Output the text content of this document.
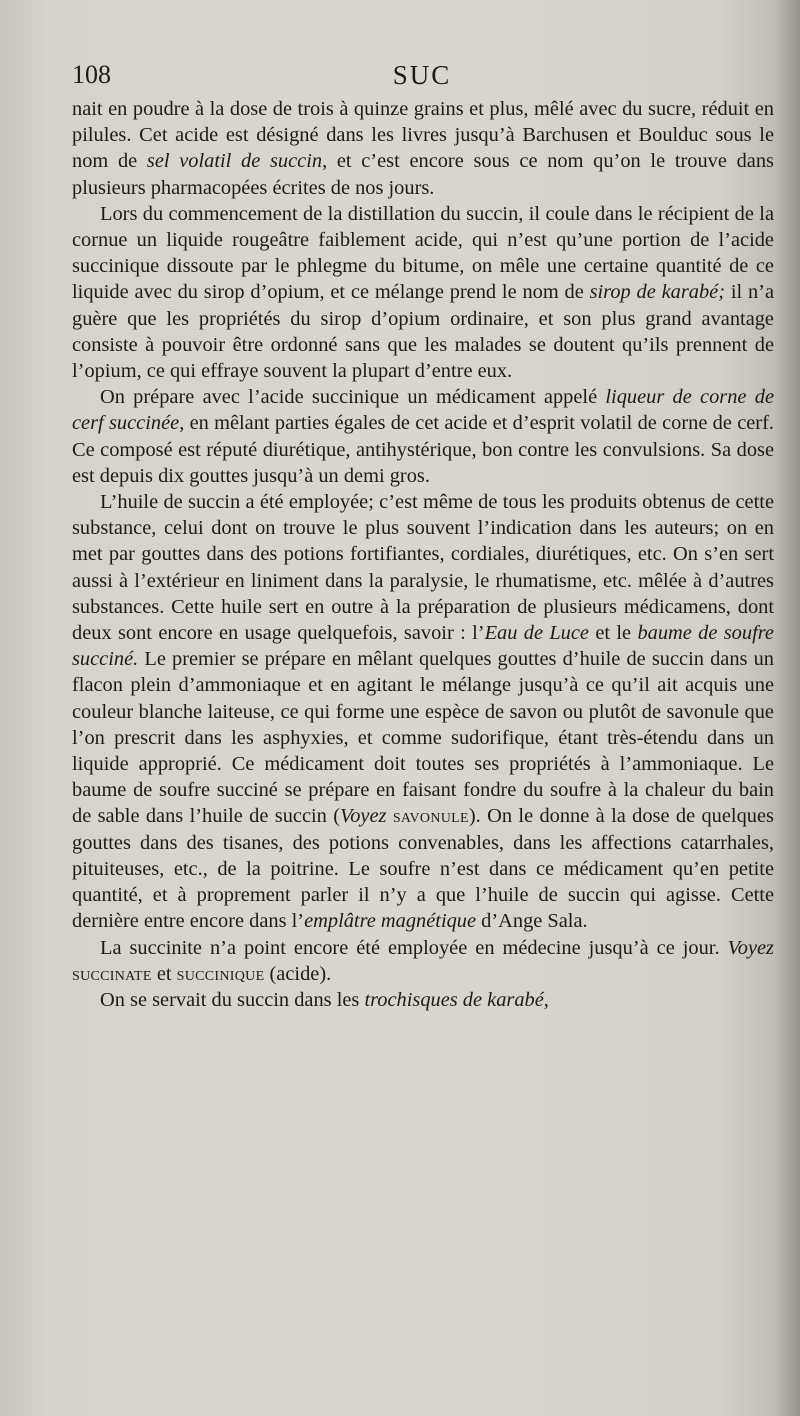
108	SUC

nait en poudre à la dose de trois à quinze grains et plus, mêlé avec du sucre, réduit en pilules. Cet acide est désigné dans les livres jusqu’à Barchusen et Boulduc sous le nom de sel volatil de succin, et c’est encore sous ce nom qu’on le trouve dans plusieurs pharmacopées écrites de nos jours.

Lors du commencement de la distillation du succin, il coule dans le récipient de la cornue un liquide rougeâtre faiblement acide, qui n’est qu’une portion de l’acide succinique dissoute par le phlegme du bitume, on mêle une certaine quantité de ce liquide avec du sirop d’opium, et ce mélange prend le nom de sirop de karabé; il n’a guère que les propriétés du sirop d’opium ordinaire, et son plus grand avantage consiste à pouvoir être ordonné sans que les malades se doutent qu’ils prennent de l’opium, ce qui effraye souvent la plupart d’entre eux.

On prépare avec l’acide succinique un médicament appelé liqueur de corne de cerf succinée, en mêlant parties égales de cet acide et d’esprit volatil de corne de cerf. Ce composé est réputé diurétique, antihystérique, bon contre les convulsions. Sa dose est depuis dix gouttes jusqu’à un demi gros.

L’huile de succin a été employée; c’est même de tous les produits obtenus de cette substance, celui dont on trouve le plus souvent l’indication dans les auteurs; on en met par gouttes dans des potions fortifiantes, cordiales, diurétiques, etc. On s’en sert aussi à l’extérieur en liniment dans la paralysie, le rhumatisme, etc. mêlée à d’autres substances. Cette huile sert en outre à la préparation de plusieurs médicamens, dont deux sont encore en usage quelquefois, savoir : l’Eau de Luce et le baume de soufre succiné. Le premier se prépare en mêlant quelques gouttes d’huile de succin dans un flacon plein d’ammoniaque et en agitant le mélange jusqu’à ce qu’il ait acquis une couleur blanche laiteuse, ce qui forme une espèce de savon ou plutôt de savonule que l’on prescrit dans les asphyxies, et comme sudorifique, étant très-étendu dans un liquide approprié. Ce médicament doit toutes ses propriétés à l’ammoniaque. Le baume de soufre succiné se prépare en faisant fondre du soufre à la chaleur du bain de sable dans l’huile de succin (Voyez savonule). On le donne à la dose de quelques gouttes dans des tisanes, des potions convenables, dans les affections catarrhales, pituiteuses, etc., de la poitrine. Le soufre n’est dans ce médicament qu’en petite quantité, et à proprement parler il n’y a que l’huile de succin qui agisse. Cette dernière entre encore dans l’emplâtre magnétique d’Ange Sala.

La succinite n’a point encore été employée en médecine jusqu’à ce jour. Voyez succinate et succinique (acide).

On se servait du succin dans les trochisques de karabé,
